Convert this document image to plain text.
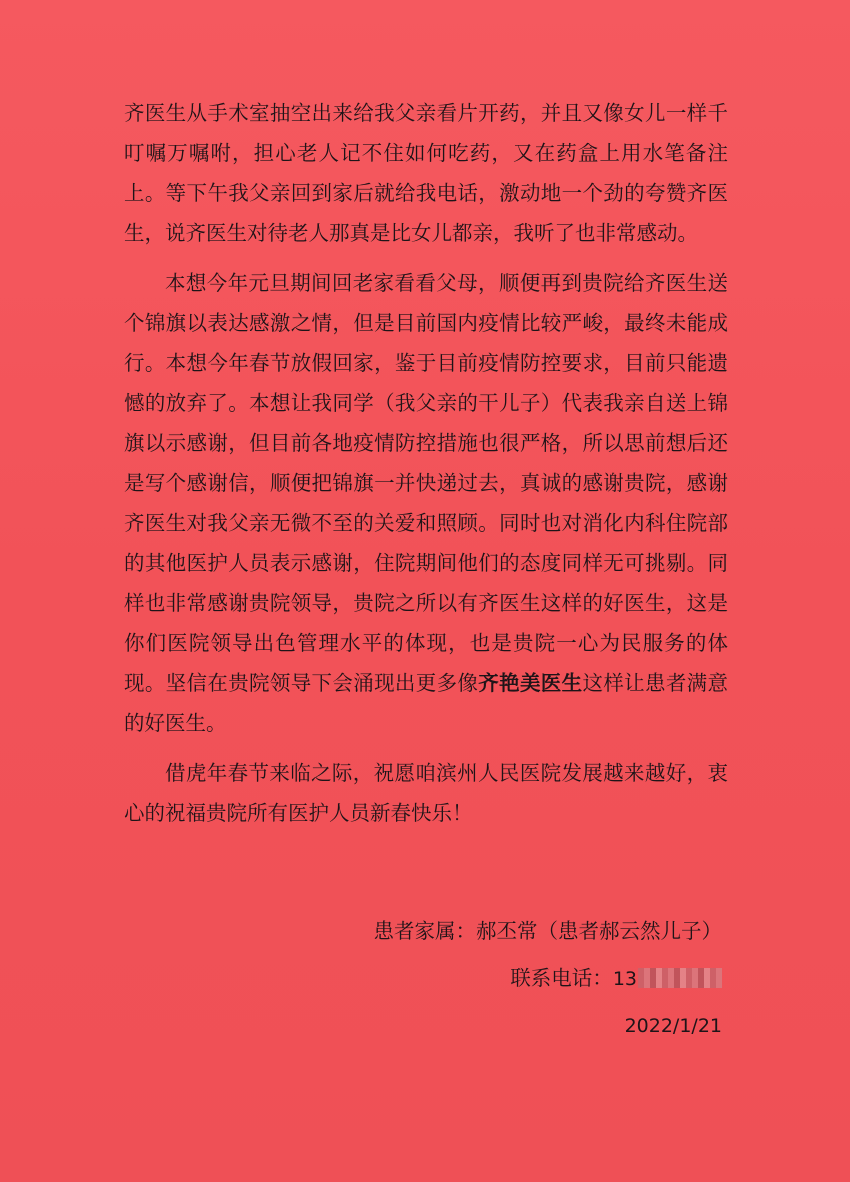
齐医生从手术室抽空出来给我父亲看片开药，并且又像女儿一样千叮嘱万嘱咐，担心老人记不住如何吃药，又在药盒上用水笔备注上。等下午我父亲回到家后就给我电话，激动地一个劲的夸赞齐医生，说齐医生对待老人那真是比女儿都亲，我听了也非常感动。

本想今年元旦期间回老家看看父母，顺便再到贵院给齐医生送个锦旗以表达感激之情，但是目前国内疫情比较严峻，最终未能成行。本想今年春节放假回家，鉴于目前疫情防控要求，目前只能遗憾的放弃了。本想让我同学（我父亲的干儿子）代表我亲自送上锦旗以示感谢，但目前各地疫情防控措施也很严格，所以思前想后还是写个感谢信，顺便把锦旗一并快递过去，真诚的感谢贵院，感谢齐医生对我父亲无微不至的关爱和照顾。同时也对消化内科住院部的其他医护人员表示感谢，住院期间他们的态度同样无可挑剔。同样也非常感谢贵院领导，贵院之所以有齐医生这样的好医生，这是你们医院领导出色管理水平的体现，也是贵院一心为民服务的体现。坚信在贵院领导下会涌现出更多像齐艳美医生这样让患者满意的好医生。

借虎年春节来临之际，祝愿咱滨州人民医院发展越来越好，衷心的祝福贵院所有医护人员新春快乐！

患者家属：郝丕常（患者郝云然儿子）
联系电话：13
2022/1/21
